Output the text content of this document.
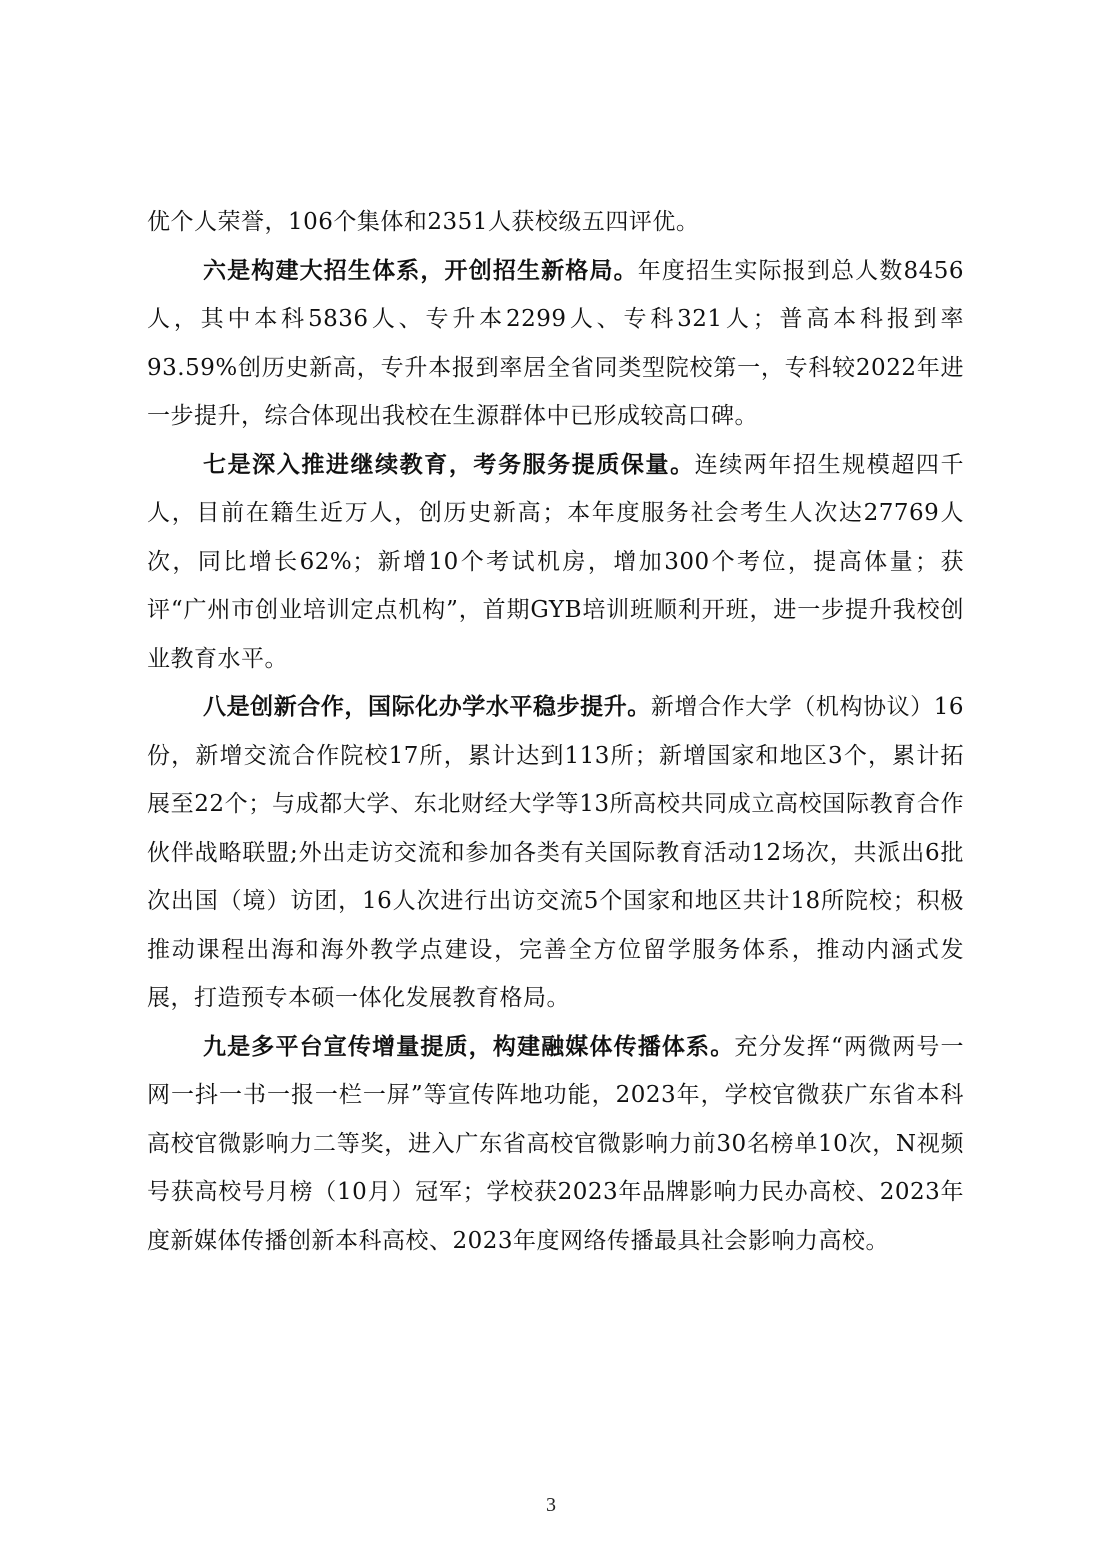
优个人荣誉，106个集体和2351人获校级五四评优。

六是构建大招生体系，开创招生新格局。年度招生实际报到总人数8456人，其中本科5836人、专升本2299人、专科321人；普高本科报到率93.59%创历史新高，专升本报到率居全省同类型院校第一，专科较2022年进一步提升，综合体现出我校在生源群体中已形成较高口碑。

七是深入推进继续教育，考务服务提质保量。连续两年招生规模超四千人，目前在籍生近万人，创历史新高；本年度服务社会考生人次达27769人次，同比增长62%；新增10个考试机房，增加300个考位，提高体量；获评“广州市创业培训定点机构”，首期GYB培训班顺利开班，进一步提升我校创业教育水平。

八是创新合作，国际化办学水平稳步提升。新增合作大学（机构协议）16份，新增交流合作院校17所，累计达到113所；新增国家和地区3个，累计拓展至22个；与成都大学、东北财经大学等13所高校共同成立高校国际教育合作伙伴战略联盟;外出走访交流和参加各类有关国际教育活动12场次，共派出6批次出国（境）访团，16人次进行出访交流5个国家和地区共计18所院校；积极推动课程出海和海外教学点建设，完善全方位留学服务体系，推动内涵式发展，打造预专本硕一体化发展教育格局。

九是多平台宣传增量提质，构建融媒体传播体系。充分发挥“两微两号一网一抖一书一报一栏一屏”等宣传阵地功能，2023年，学校官微获广东省本科高校官微影响力二等奖，进入广东省高校官微影响力前30名榜单10次，N视频号获高校号月榜（10月）冠军；学校获2023年品牌影响力民办高校、2023年度新媒体传播创新本科高校、2023年度网络传播最具社会影响力高校。

3
